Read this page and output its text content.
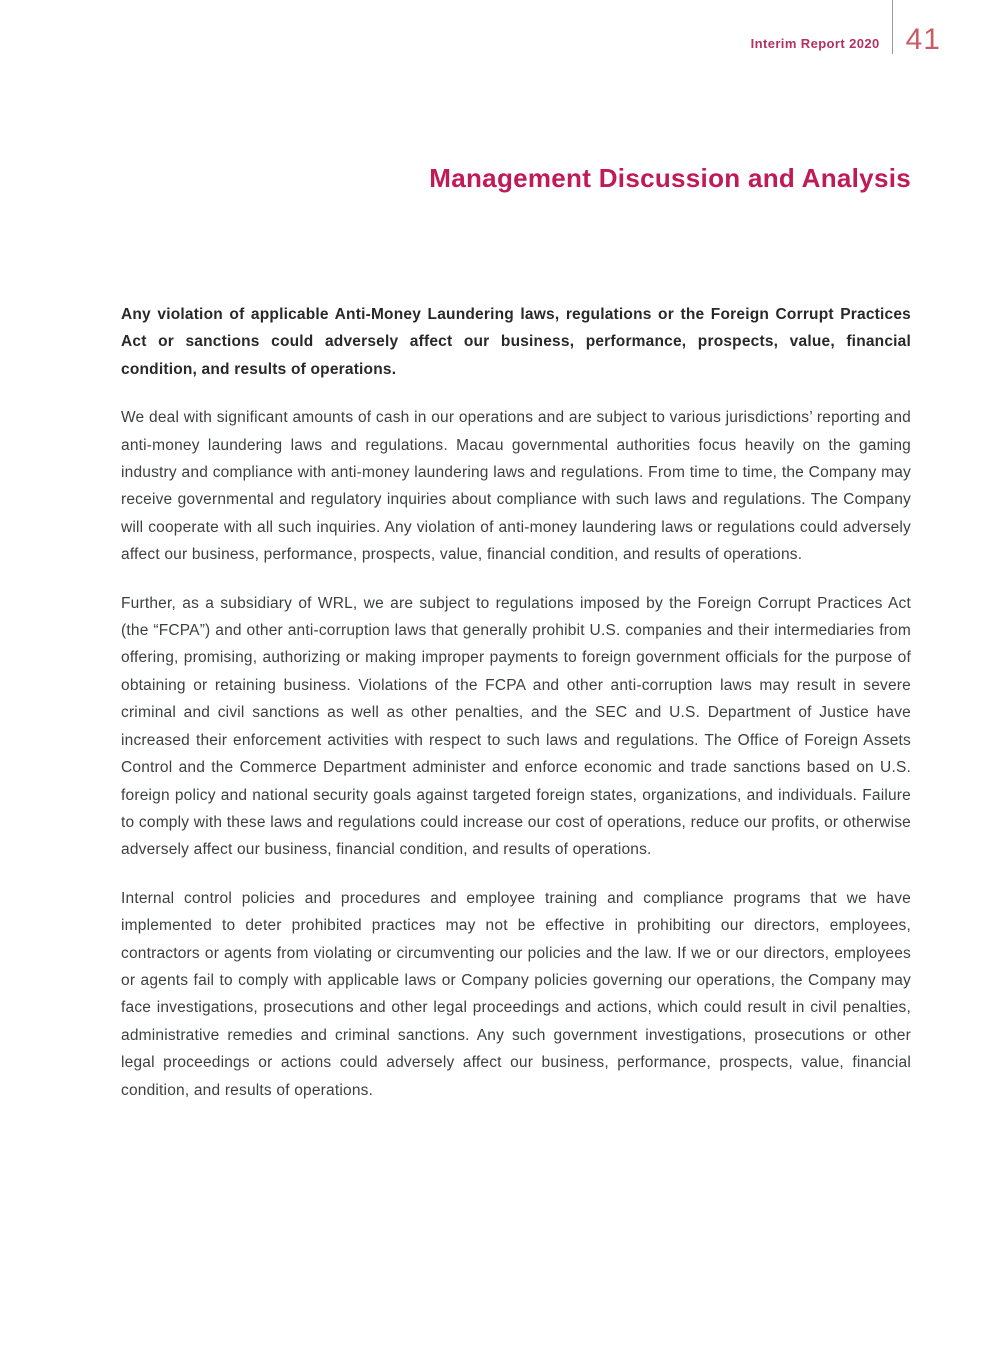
Interim Report 2020 41
Management Discussion and Analysis

Any violation of applicable Anti-Money Laundering laws, regulations or the Foreign Corrupt Practices Act or sanctions could adversely affect our business, performance, prospects, value, financial condition, and results of operations.

We deal with significant amounts of cash in our operations and are subject to various jurisdictions’ reporting and anti-money laundering laws and regulations. Macau governmental authorities focus heavily on the gaming industry and compliance with anti-money laundering laws and regulations. From time to time, the Company may receive governmental and regulatory inquiries about compliance with such laws and regulations. The Company will cooperate with all such inquiries. Any violation of anti-money laundering laws or regulations could adversely affect our business, performance, prospects, value, financial condition, and results of operations.

Further, as a subsidiary of WRL, we are subject to regulations imposed by the Foreign Corrupt Practices Act (the “FCPA”) and other anti-corruption laws that generally prohibit U.S. companies and their intermediaries from offering, promising, authorizing or making improper payments to foreign government officials for the purpose of obtaining or retaining business. Violations of the FCPA and other anti-corruption laws may result in severe criminal and civil sanctions as well as other penalties, and the SEC and U.S. Department of Justice have increased their enforcement activities with respect to such laws and regulations. The Office of Foreign Assets Control and the Commerce Department administer and enforce economic and trade sanctions based on U.S. foreign policy and national security goals against targeted foreign states, organizations, and individuals. Failure to comply with these laws and regulations could increase our cost of operations, reduce our profits, or otherwise adversely affect our business, financial condition, and results of operations.

Internal control policies and procedures and employee training and compliance programs that we have implemented to deter prohibited practices may not be effective in prohibiting our directors, employees, contractors or agents from violating or circumventing our policies and the law. If we or our directors, employees or agents fail to comply with applicable laws or Company policies governing our operations, the Company may face investigations, prosecutions and other legal proceedings and actions, which could result in civil penalties, administrative remedies and criminal sanctions. Any such government investigations, prosecutions or other legal proceedings or actions could adversely affect our business, performance, prospects, value, financial condition, and results of operations.
